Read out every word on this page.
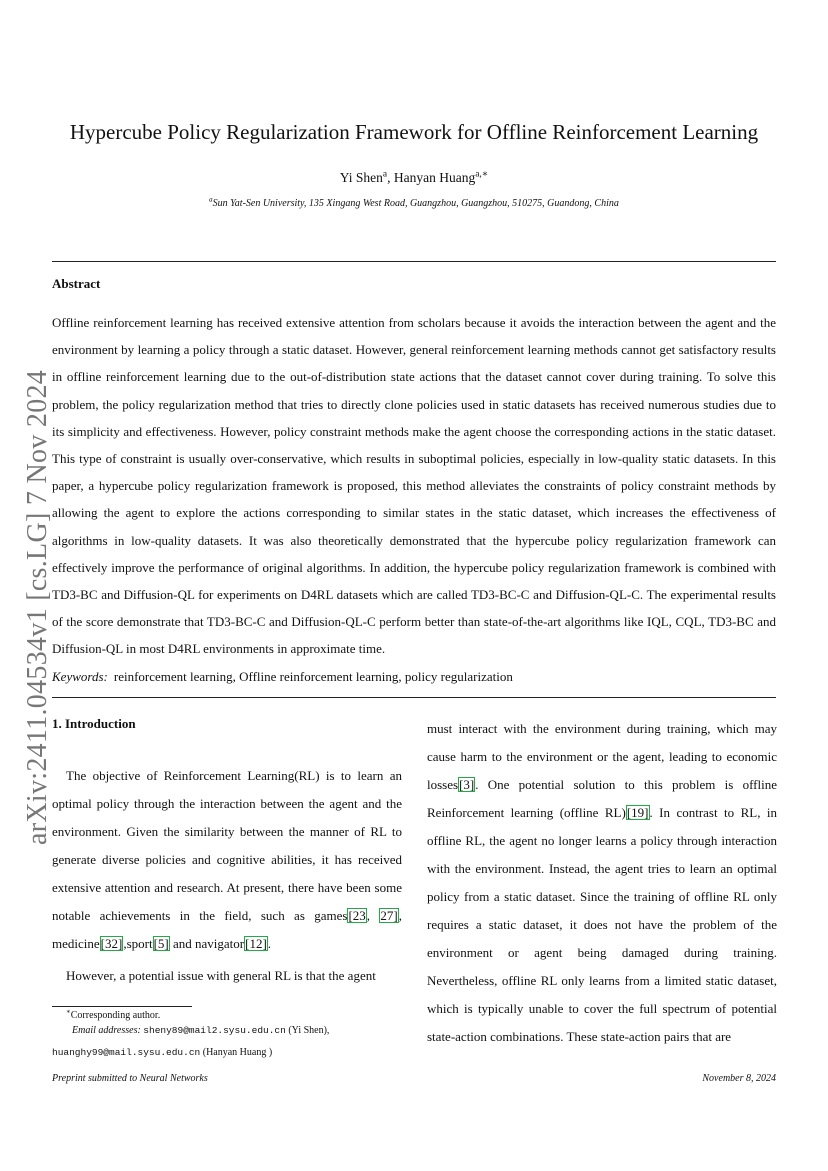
arXiv:2411.04534v1 [cs.LG] 7 Nov 2024
Hypercube Policy Regularization Framework for Offline Reinforcement Learning
Yi Shen$^a$, Hanyan Huang$^{a,∗}$
$^a$Sun Yat-Sen University, 135 Xingang West Road, Guangzhou, Guangzhou, 510275, Guandong, China
Abstract
Offline reinforcement learning has received extensive attention from scholars because it avoids the interaction between the agent and the environment by learning a policy through a static dataset. However, general reinforcement learning methods cannot get satisfactory results in offline reinforcement learning due to the out-of-distribution state actions that the dataset cannot cover during training. To solve this problem, the policy regularization method that tries to directly clone policies used in static datasets has received numerous studies due to its simplicity and effectiveness. However, policy constraint methods make the agent choose the corresponding actions in the static dataset. This type of constraint is usually over-conservative, which results in suboptimal policies, especially in low-quality static datasets. In this paper, a hypercube policy regularization framework is proposed, this method alleviates the constraints of policy constraint methods by allowing the agent to explore the actions corresponding to similar states in the static dataset, which increases the effectiveness of algorithms in low-quality datasets. It was also theoretically demonstrated that the hypercube policy regularization framework can effectively improve the performance of original algorithms. In addition, the hypercube policy regularization framework is combined with TD3-BC and Diffusion-QL for experiments on D4RL datasets which are called TD3-BC-C and Diffusion-QL-C. The experimental results of the score demonstrate that TD3-BC-C and Diffusion-QL-C perform better than state-of-the-art algorithms like IQL, CQL, TD3-BC and Diffusion-QL in most D4RL environments in approximate time.
Keywords: reinforcement learning, Offline reinforcement learning, policy regularization
1. Introduction

The objective of Reinforcement Learning(RL) is to learn an optimal policy through the interaction between the agent and the environment. Given the similarity between the manner of RL to generate diverse policies and cognitive abilities, it has received extensive attention and research. At present, there have been some notable achievements in the field, such as games[23, 27], medicine[32],sport[5] and navigator[12].

However, a potential issue with general RL is that the agent

must interact with the environment during training, which may cause harm to the environment or the agent, leading to economic losses[3]. One potential solution to this problem is offline Reinforcement learning (offline RL)[19]. In contrast to RL, in offline RL, the agent no longer learns a policy through interaction with the environment. Instead, the agent tries to learn an optimal policy from a static dataset. Since the training of offline RL only requires a static dataset, it does not have the problem of the environment or agent being damaged during training. Nevertheless, offline RL only learns from a limited static dataset, which is typically unable to cover the full spectrum of potential state-action combinations. These state-action pairs that are

∗Corresponding author.
Email addresses: sheny89@mail2.sysu.edu.cn (Yi Shen),
huanghy99@mail.sysu.edu.cn (Hanyan Huang )
Preprint submitted to Neural Networks	November 8, 2024
